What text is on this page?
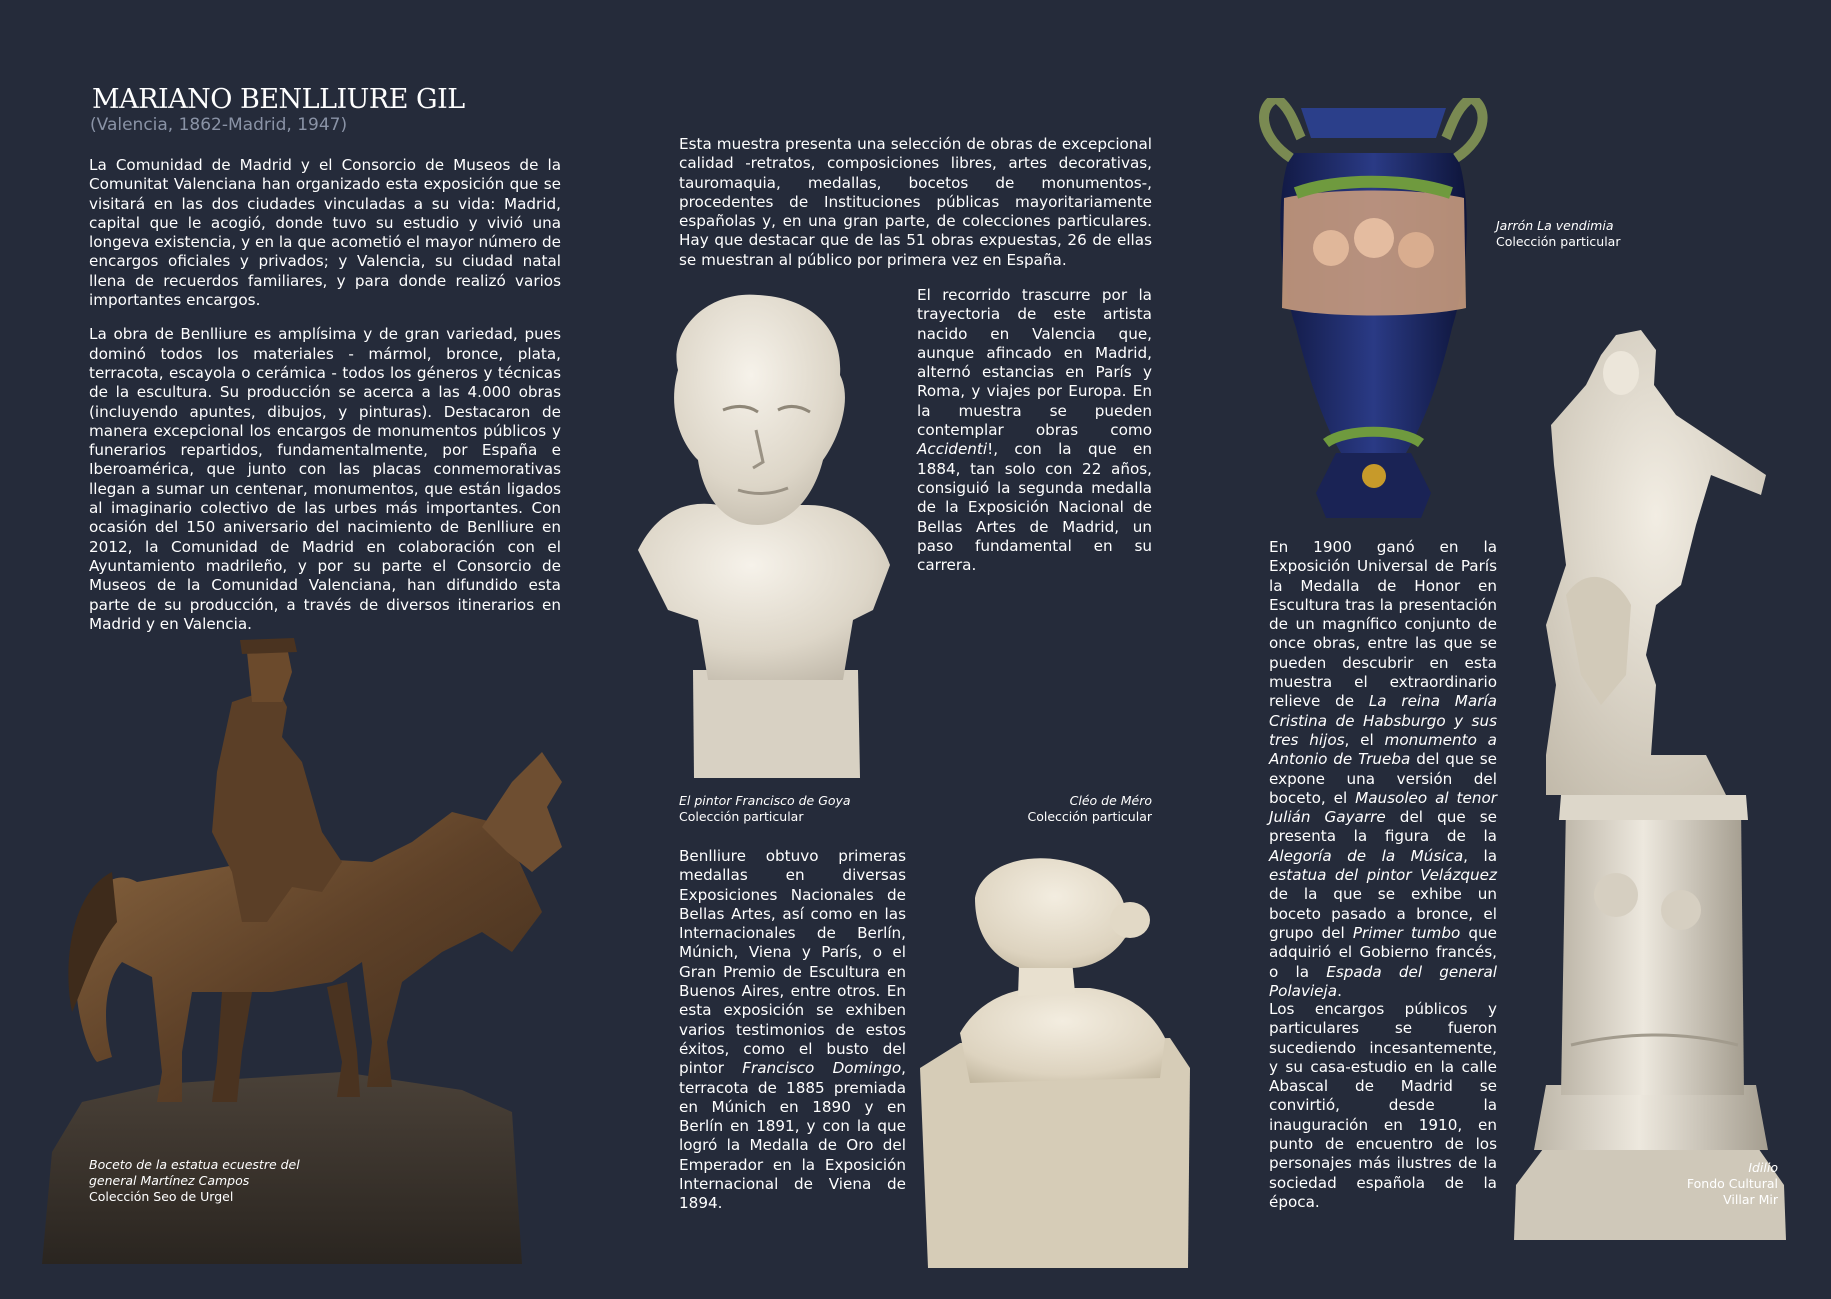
MARIANO BENLLIURE GIL
(Valencia, 1862-Madrid, 1947)

La Comunidad de Madrid y el Consorcio de Museos de la Comunitat Valenciana han organizado esta exposición que se visitará en las dos ciudades vinculadas a su vida: Madrid, capital que le acogió, donde tuvo su estudio y vivió una longeva existencia, y en la que acometió el mayor número de encargos oficiales y privados; y Valencia, su ciudad natal llena de recuerdos familiares, y para donde realizó varios importantes encargos.

La obra de Benlliure es amplísima y de gran variedad, pues dominó todos los materiales - mármol, bronce, plata, terracota, escayola o cerámica - todos los géneros y técnicas de la escultura. Su producción se acerca a las 4.000 obras (incluyendo apuntes, dibujos, y pinturas). Destacaron de manera excepcional los encargos de monumentos públicos y funerarios repartidos, fundamentalmente, por España e Iberoamérica, que junto con las placas conmemorativas llegan a sumar un centenar, monumentos, que están ligados al imaginario colectivo de las urbes más importantes. Con ocasión del 150 aniversario del nacimiento de Benlliure en 2012, la Comunidad de Madrid en colaboración con el Ayuntamiento madrileño, y por su parte el Consorcio de Museos de la Comunidad Valenciana, han difundido esta parte de su producción, a través de diversos itinerarios en Madrid y en Valencia.

Esta muestra presenta una selección de obras de excepcional calidad -retratos, composiciones libres, artes decorativas, tauromaquia, medallas, bocetos de monumentos-, procedentes de Instituciones públicas mayoritariamente españolas y, en una gran parte, de colecciones particulares. Hay que destacar que de las 51 obras expuestas, 26 de ellas se muestran al público por primera vez en España.
El recorrido trascurre por la trayectoria de este artista nacido en Valencia que, aunque afincado en Madrid, alternó estancias en París y Roma, y viajes por Europa. En la muestra se pueden contemplar obras como Accidenti!, con la que en 1884, tan solo con 22 años, consiguió la segunda medalla de la Exposición Nacional de Bellas Artes de Madrid, un paso fundamental en su carrera.
Benlliure obtuvo primeras medallas en diversas Exposiciones Nacionales de Bellas Artes, así como en las Internacionales de Berlín, Múnich, Viena y París, o el Gran Premio de Escultura en Buenos Aires, entre otros. En esta exposición se exhiben varios testimonios de estos éxitos, como el busto del pintor Francisco Domingo, terracota de 1885 premiada en Múnich en 1890 y en Berlín en 1891, y con la que logró la Medalla de Oro del Emperador en la Exposición Internacional de Viena de 1894.
En 1900 ganó en la Exposición Universal de París la Medalla de Honor en Escultura tras la presentación de un magnífico conjunto de once obras, entre las que se pueden descubrir en esta muestra el extraordinario relieve de La reina María Cristina de Habsburgo y sus tres hijos, el monumento a Antonio de Trueba del que se expone una versión del boceto, el Mausoleo al tenor Julián Gayarre del que se presenta la figura de la Alegoría de la Música, la estatua del pintor Velázquez de la que se exhibe un boceto pasado a bronce, el grupo del Primer tumbo que adquirió el Gobierno francés, o la Espada del general Polavieja.
Los encargos públicos y particulares se fueron sucediendo incesantemente, y su casa-estudio en la calle Abascal de Madrid se convirtió, desde la inauguración en 1910, en punto de encuentro de los personajes más ilustres de la sociedad española de la época.
Boceto de la estatua ecuestre del
general Martínez Campos
Colección Seo de Urgel
El pintor Francisco de Goya
Colección particular
Cléo de Méro
Colección particular
Jarrón La vendimia
Colección particular
Idilio
Fondo Cultural
Villar Mir
